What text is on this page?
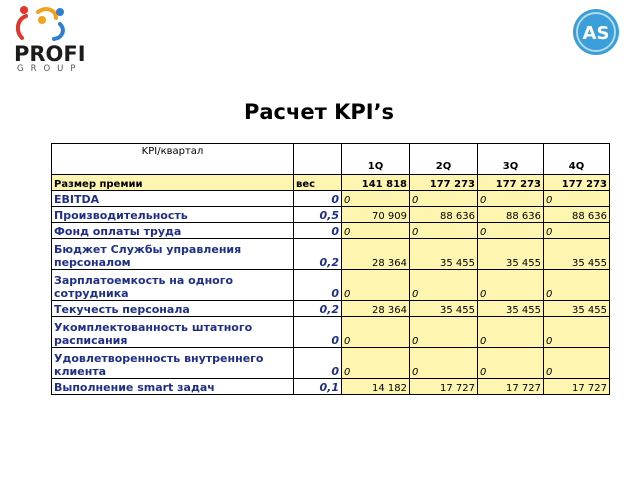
PROFI
GROUP
AS
Расчет KPI’s
KPI/квартал		1Q	2Q	3Q	4Q
Размер премии	вес	141 818	177 273	177 273	177 273
EBITDA	0	0	0	0	0
Производительность	0,5	70 909	88 636	88 636	88 636
Фонд оплаты труда	0	0	0	0	0
Бюджет Службы управления персоналом	0,2	28 364	35 455	35 455	35 455
Зарплатоемкость на одного сотрудника	0	0	0	0	0
Текучесть персонала	0,2	28 364	35 455	35 455	35 455
Укомплектованность штатного расписания	0	0	0	0	0
Удовлетворенность внутреннего клиента	0	0	0	0	0
Выполнение smart задач	0,1	14 182	17 727	17 727	17 727
